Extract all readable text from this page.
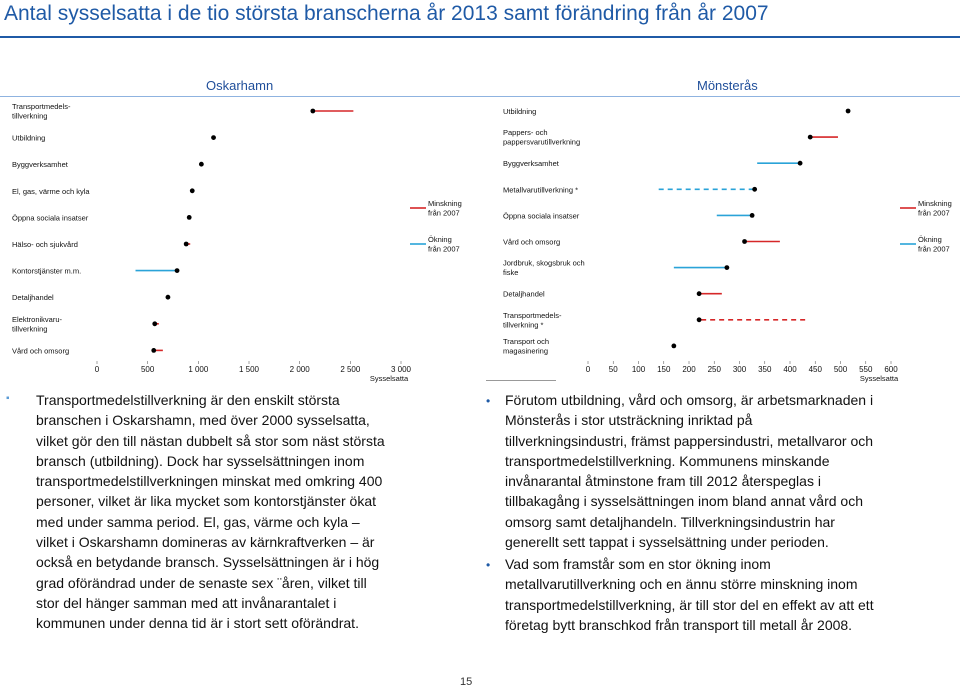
Antal sysselsatta i de tio största branscherna år 2013 samt förändring från år 2007
Oskarhamn	Mönsterås
0	500	1 000	1 500	2 000	2 500	3 000
Sysselsatta
Transportmedels-tillverkning
Utbildning
Byggverksamhet
El, gas, värme och kyla
Öppna sociala insatser
Hälso- och sjukvård
Kontorstjänster m.m.
Detaljhandel
Elektronikvaru-tillverkning
Vård och omsorg
Minskning från 2007
Ökning från 2007
0 50 100 150 200 250 300 350 400 450 500 550 600
Sysselsatta
Utbildning
Pappers- och pappersvarutillverkning
Byggverksamhet
Metallvarutillverkning *
Öppna sociala insatser
Vård och omsorg
Jordbruk, skogsbruk och fiske
Detaljhandel
Transportmedels-tillverkning *
Transport och magasinering
Minskning från 2007
Ökning från 2007
▪ Transportmedelstillverkning är den enskilt största

branschen i Oskarshamn, med över 2000 sysselsatta,

vilket gör den till nästan dubbelt så stor som näst största

bransch (utbildning). Dock har sysselsättningen inom

transportmedelstillverkningen minskat med omkring 400

personer, vilket är lika mycket som kontorstjänster ökat

med under samma period. El, gas, värme och kyla –

vilket i Oskarshamn domineras av kärnkraftverken – är

också en betydande bransch. Sysselsättningen är i hög

grad oförändrad under de senaste sex ¨åren, vilket till

stor del hänger samman med att invånarantalet i

kommunen under denna tid är i stort sett oförändrat.

• Förutom utbildning, vård och omsorg, är arbetsmarknaden i

Mönsterås i stor utsträckning inriktad på

tillverkningsindustri, främst pappersindustri, metallvaror och

transportmedelstillverkning. Kommunens minskande

invånarantal åtminstone fram till 2012 återspeglas i

tillbakagång i sysselsättningen inom bland annat vård och

omsorg samt detaljhandeln. Tillverkningsindustrin har

generellt sett tappat i sysselsättning under perioden.

• Vad som framstår som en stor ökning inom

metallvarutillverkning och en ännu större minskning inom

transportmedelstillverkning, är till stor del en effekt av att ett

företag bytt branschkod från transport till metall år 2008.

15
